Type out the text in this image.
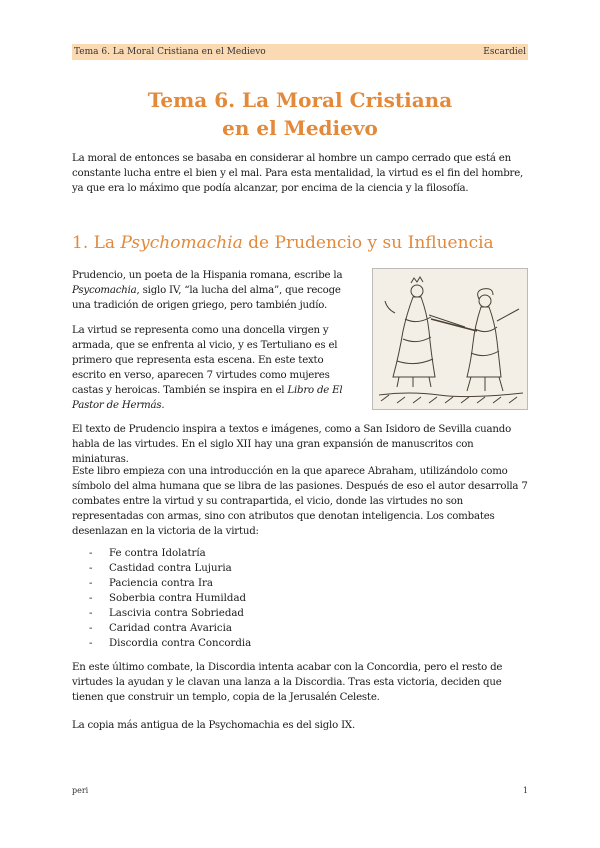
Tema 6. La Moral Cristiana en el Medievo	Escardiel
Tema 6. La Moral Cristiana
en el Medievo

La moral de entonces se basaba en considerar al hombre un campo cerrado que está en constante lucha entre el bien y el mal. Para esta mentalidad, la virtud es el fin del hombre, ya que era lo máximo que podía alcanzar, por encima de la ciencia y la filosofía.

1. La Psychomachia de Prudencio y su Influencia

Prudencio, un poeta de la Hispania romana, escribe la Psycomachia, siglo IV, “la lucha del alma”, que recoge una tradición de origen griego, pero también judío.

La virtud se representa como una doncella virgen y armada, que se enfrenta al vicio, y es Tertuliano es el primero que representa esta escena. En este texto escrito en verso, aparecen 7 virtudes como mujeres castas y heroicas. También se inspira en el Libro de El Pastor de Hermás.

El texto de Prudencio inspira a textos e imágenes, como a San Isidoro de Sevilla cuando habla de las virtudes. En el siglo XII hay una gran expansión de manuscritos con miniaturas.

Este libro empieza con una introducción en la que aparece Abraham, utilizándolo como símbolo del alma humana que se libra de las pasiones. Después de eso el autor desarrolla 7 combates entre la virtud y su contrapartida, el vicio, donde las virtudes no son representadas con armas, sino con atributos que denotan inteligencia. Los combates desenlazan en la victoria de la virtud:

- Fe contra Idolatría
- Castidad contra Lujuria
- Paciencia contra Ira
- Soberbia contra Humildad
- Lascivia contra Sobriedad
- Caridad contra Avaricia
- Discordia contra Concordia

En este último combate, la Discordia intenta acabar con la Concordia, pero el resto de virtudes la ayudan y le clavan una lanza a la Discordia. Tras esta victoria, deciden que tienen que construir un templo, copia de la Jerusalén Celeste.

La copia más antigua de la Psychomachia es del siglo IX.

peri	1
